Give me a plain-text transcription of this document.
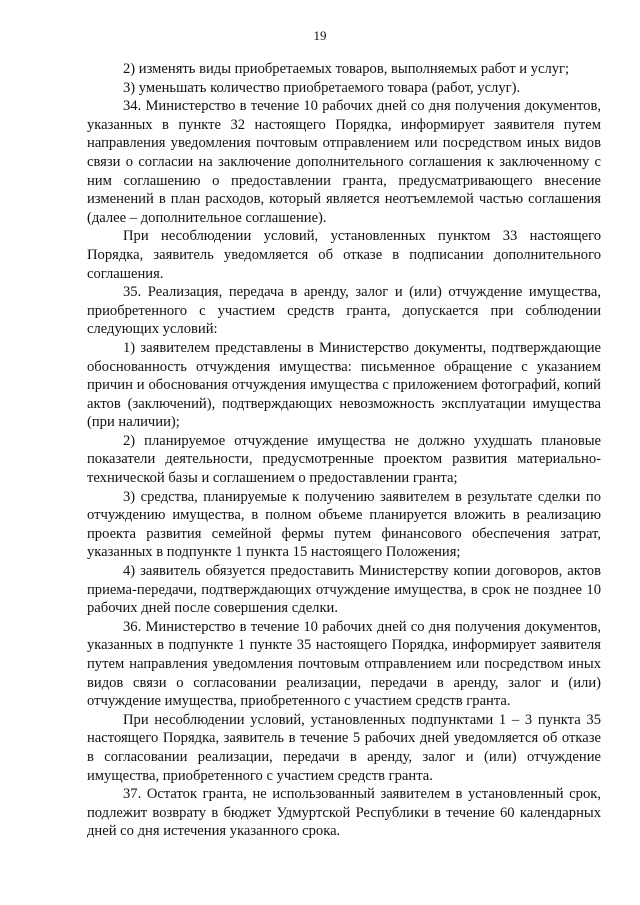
19

2) изменять виды приобретаемых товаров, выполняемых работ и услуг;

3) уменьшать количество приобретаемого товара (работ, услуг).

34. Министерство в течение 10 рабочих дней со дня получения документов, указанных в пункте 32 настоящего Порядка, информирует заявителя путем направления уведомления почтовым отправлением или посредством иных видов связи о согласии на заключение дополнительного соглашения к заключенному с ним соглашению о предоставлении гранта, предусматривающего внесение изменений в план расходов, который является неотъемлемой частью соглашения (далее – дополнительное соглашение).

При несоблюдении условий, установленных пунктом 33 настоящего Порядка, заявитель уведомляется об отказе в подписании дополнительного соглашения.

35. Реализация, передача в аренду, залог и (или) отчуждение имущества, приобретенного с участием средств гранта, допускается при соблюдении следующих условий:

1) заявителем представлены в Министерство документы, подтверждающие обоснованность отчуждения имущества: письменное обращение с указанием причин и обоснования отчуждения имущества с приложением фотографий, копий актов (заключений), подтверждающих невозможность эксплуатации имущества (при наличии);

2) планируемое отчуждение имущества не должно ухудшать плановые показатели деятельности, предусмотренные проектом развития материально-технической базы и соглашением о предоставлении гранта;

3) средства, планируемые к получению заявителем в результате сделки по отчуждению имущества, в полном объеме планируется вложить в реализацию проекта развития семейной фермы путем финансового обеспечения затрат, указанных в подпункте 1 пункта 15 настоящего Положения;

4) заявитель обязуется предоставить Министерству копии договоров, актов приема-передачи, подтверждающих отчуждение имущества, в срок не позднее 10 рабочих дней после совершения сделки.

36. Министерство в течение 10 рабочих дней со дня получения документов, указанных в подпункте 1 пункте 35 настоящего Порядка, информирует заявителя путем направления уведомления почтовым отправлением или посредством иных видов связи о согласовании реализации, передачи в аренду, залог и (или) отчуждение имущества, приобретенного с участием средств гранта.

При несоблюдении условий, установленных подпунктами 1 – 3 пункта 35 настоящего Порядка, заявитель в течение 5 рабочих дней уведомляется об отказе в согласовании реализации, передачи в аренду, залог и (или) отчуждение имущества, приобретенного с участием средств гранта.

37. Остаток гранта, не использованный заявителем в установленный срок, подлежит возврату в бюджет Удмуртской Республики в течение 60 календарных дней со дня истечения указанного срока.
